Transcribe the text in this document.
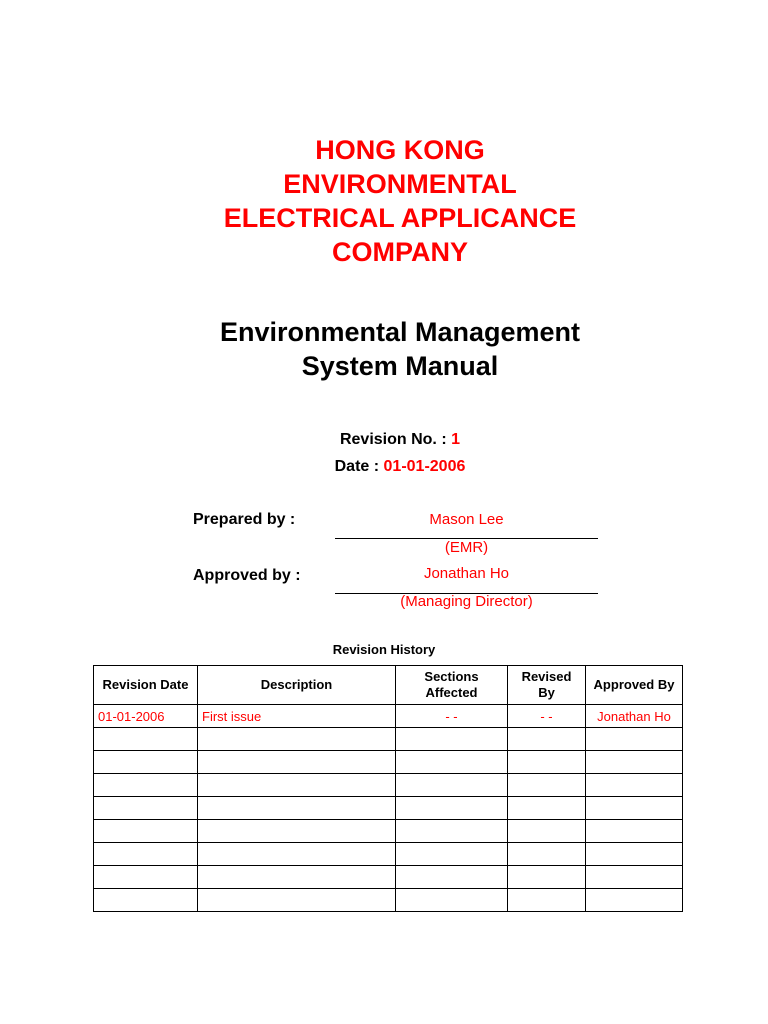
HONG KONG
ENVIRONMENTAL
ELECTRICAL APPLICANCE
COMPANY
Environmental Management
System Manual
Revision No. : 1
Date : 01-01-2006
Prepared by :	Mason Lee
(EMR)
Approved by :	Jonathan Ho
(Managing Director)
Revision History
Revision Date	Description	Sections Affected	Revised By	Approved By
01-01-2006	First issue	- -	- -	Jonathan Ho
